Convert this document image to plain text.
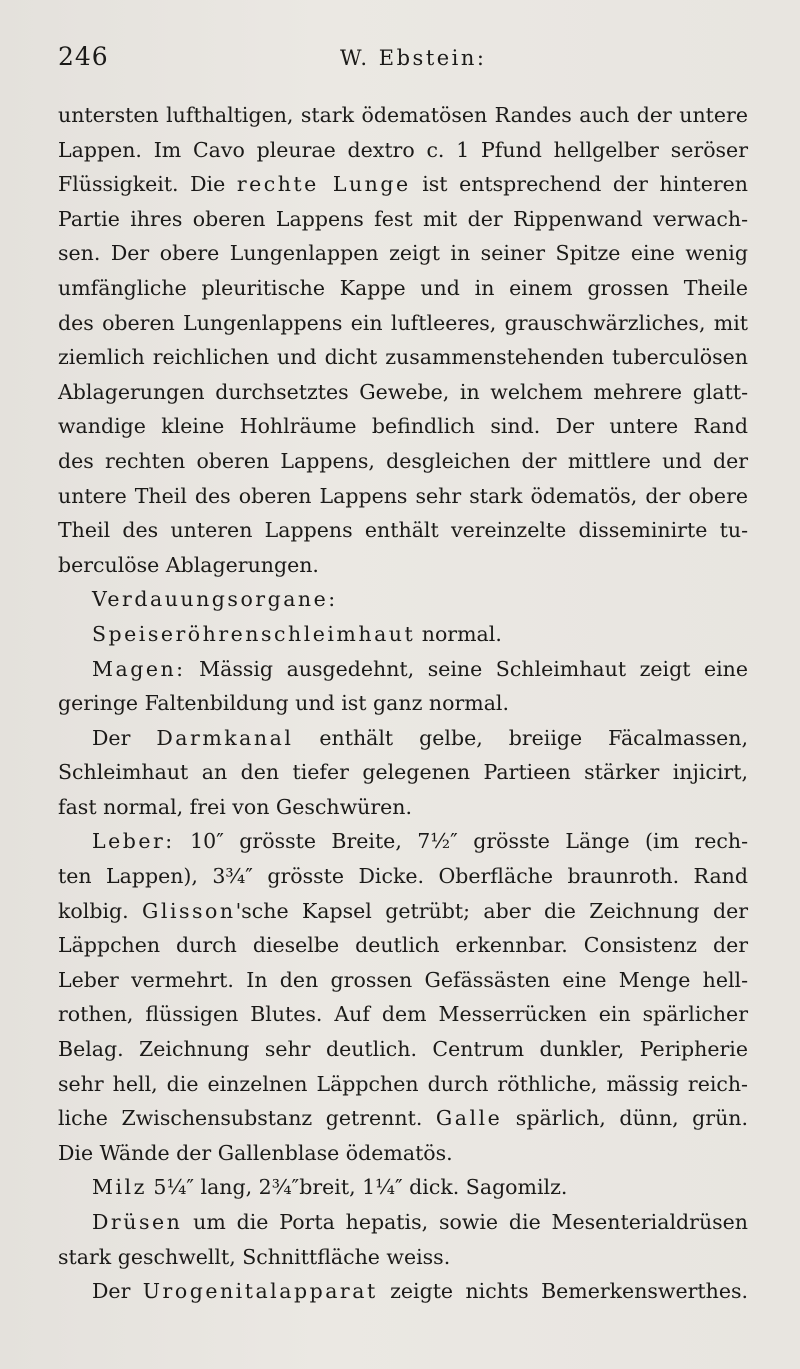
246	W. Ebstein:
untersten lufthaltigen, stark ödematösen Randes auch der untere
Lappen. Im Cavo pleurae dextro c. 1 Pfund hellgelber seröser
Flüssigkeit. Die rechte Lunge ist entsprechend der hinteren
Partie ihres oberen Lappens fest mit der Rippenwand verwach-
sen. Der obere Lungenlappen zeigt in seiner Spitze eine wenig
umfängliche pleuritische Kappe und in einem grossen Theile
des oberen Lungenlappens ein luftleeres, grauschwärzliches, mit
ziemlich reichlichen und dicht zusammenstehenden tuberculösen
Ablagerungen durchsetztes Gewebe, in welchem mehrere glatt-
wandige kleine Hohlräume befindlich sind. Der untere Rand
des rechten oberen Lappens, desgleichen der mittlere und der
untere Theil des oberen Lappens sehr stark ödematös, der obere
Theil des unteren Lappens enthält vereinzelte disseminirte tu-
berculöse Ablagerungen.
Verdauungsorgane:
Speiseröhrenschleimhaut normal.
Magen: Mässig ausgedehnt, seine Schleimhaut zeigt eine
geringe Faltenbildung und ist ganz normal.
Der Darmkanal enthält gelbe, breiige Fäcalmassen,
Schleimhaut an den tiefer gelegenen Partieen stärker injicirt,
fast normal, frei von Geschwüren.
Leber: 10″ grösste Breite, 7½″ grösste Länge (im rech-
ten Lappen), 3¾″ grösste Dicke. Oberfläche braunroth. Rand
kolbig. Glisson'sche Kapsel getrübt; aber die Zeichnung der
Läppchen durch dieselbe deutlich erkennbar. Consistenz der
Leber vermehrt. In den grossen Gefässästen eine Menge hell-
rothen, flüssigen Blutes. Auf dem Messerrücken ein spärlicher
Belag. Zeichnung sehr deutlich. Centrum dunkler, Peripherie
sehr hell, die einzelnen Läppchen durch röthliche, mässig reich-
liche Zwischensubstanz getrennt. Galle spärlich, dünn, grün.
Die Wände der Gallenblase ödematös.
Milz 5¼″ lang, 2¾″breit, 1¼″ dick. Sagomilz.
Drüsen um die Porta hepatis, sowie die Mesenterialdrüsen
stark geschwellt, Schnittfläche weiss.
Der Urogenitalapparat zeigte nichts Bemerkenswerthes.
